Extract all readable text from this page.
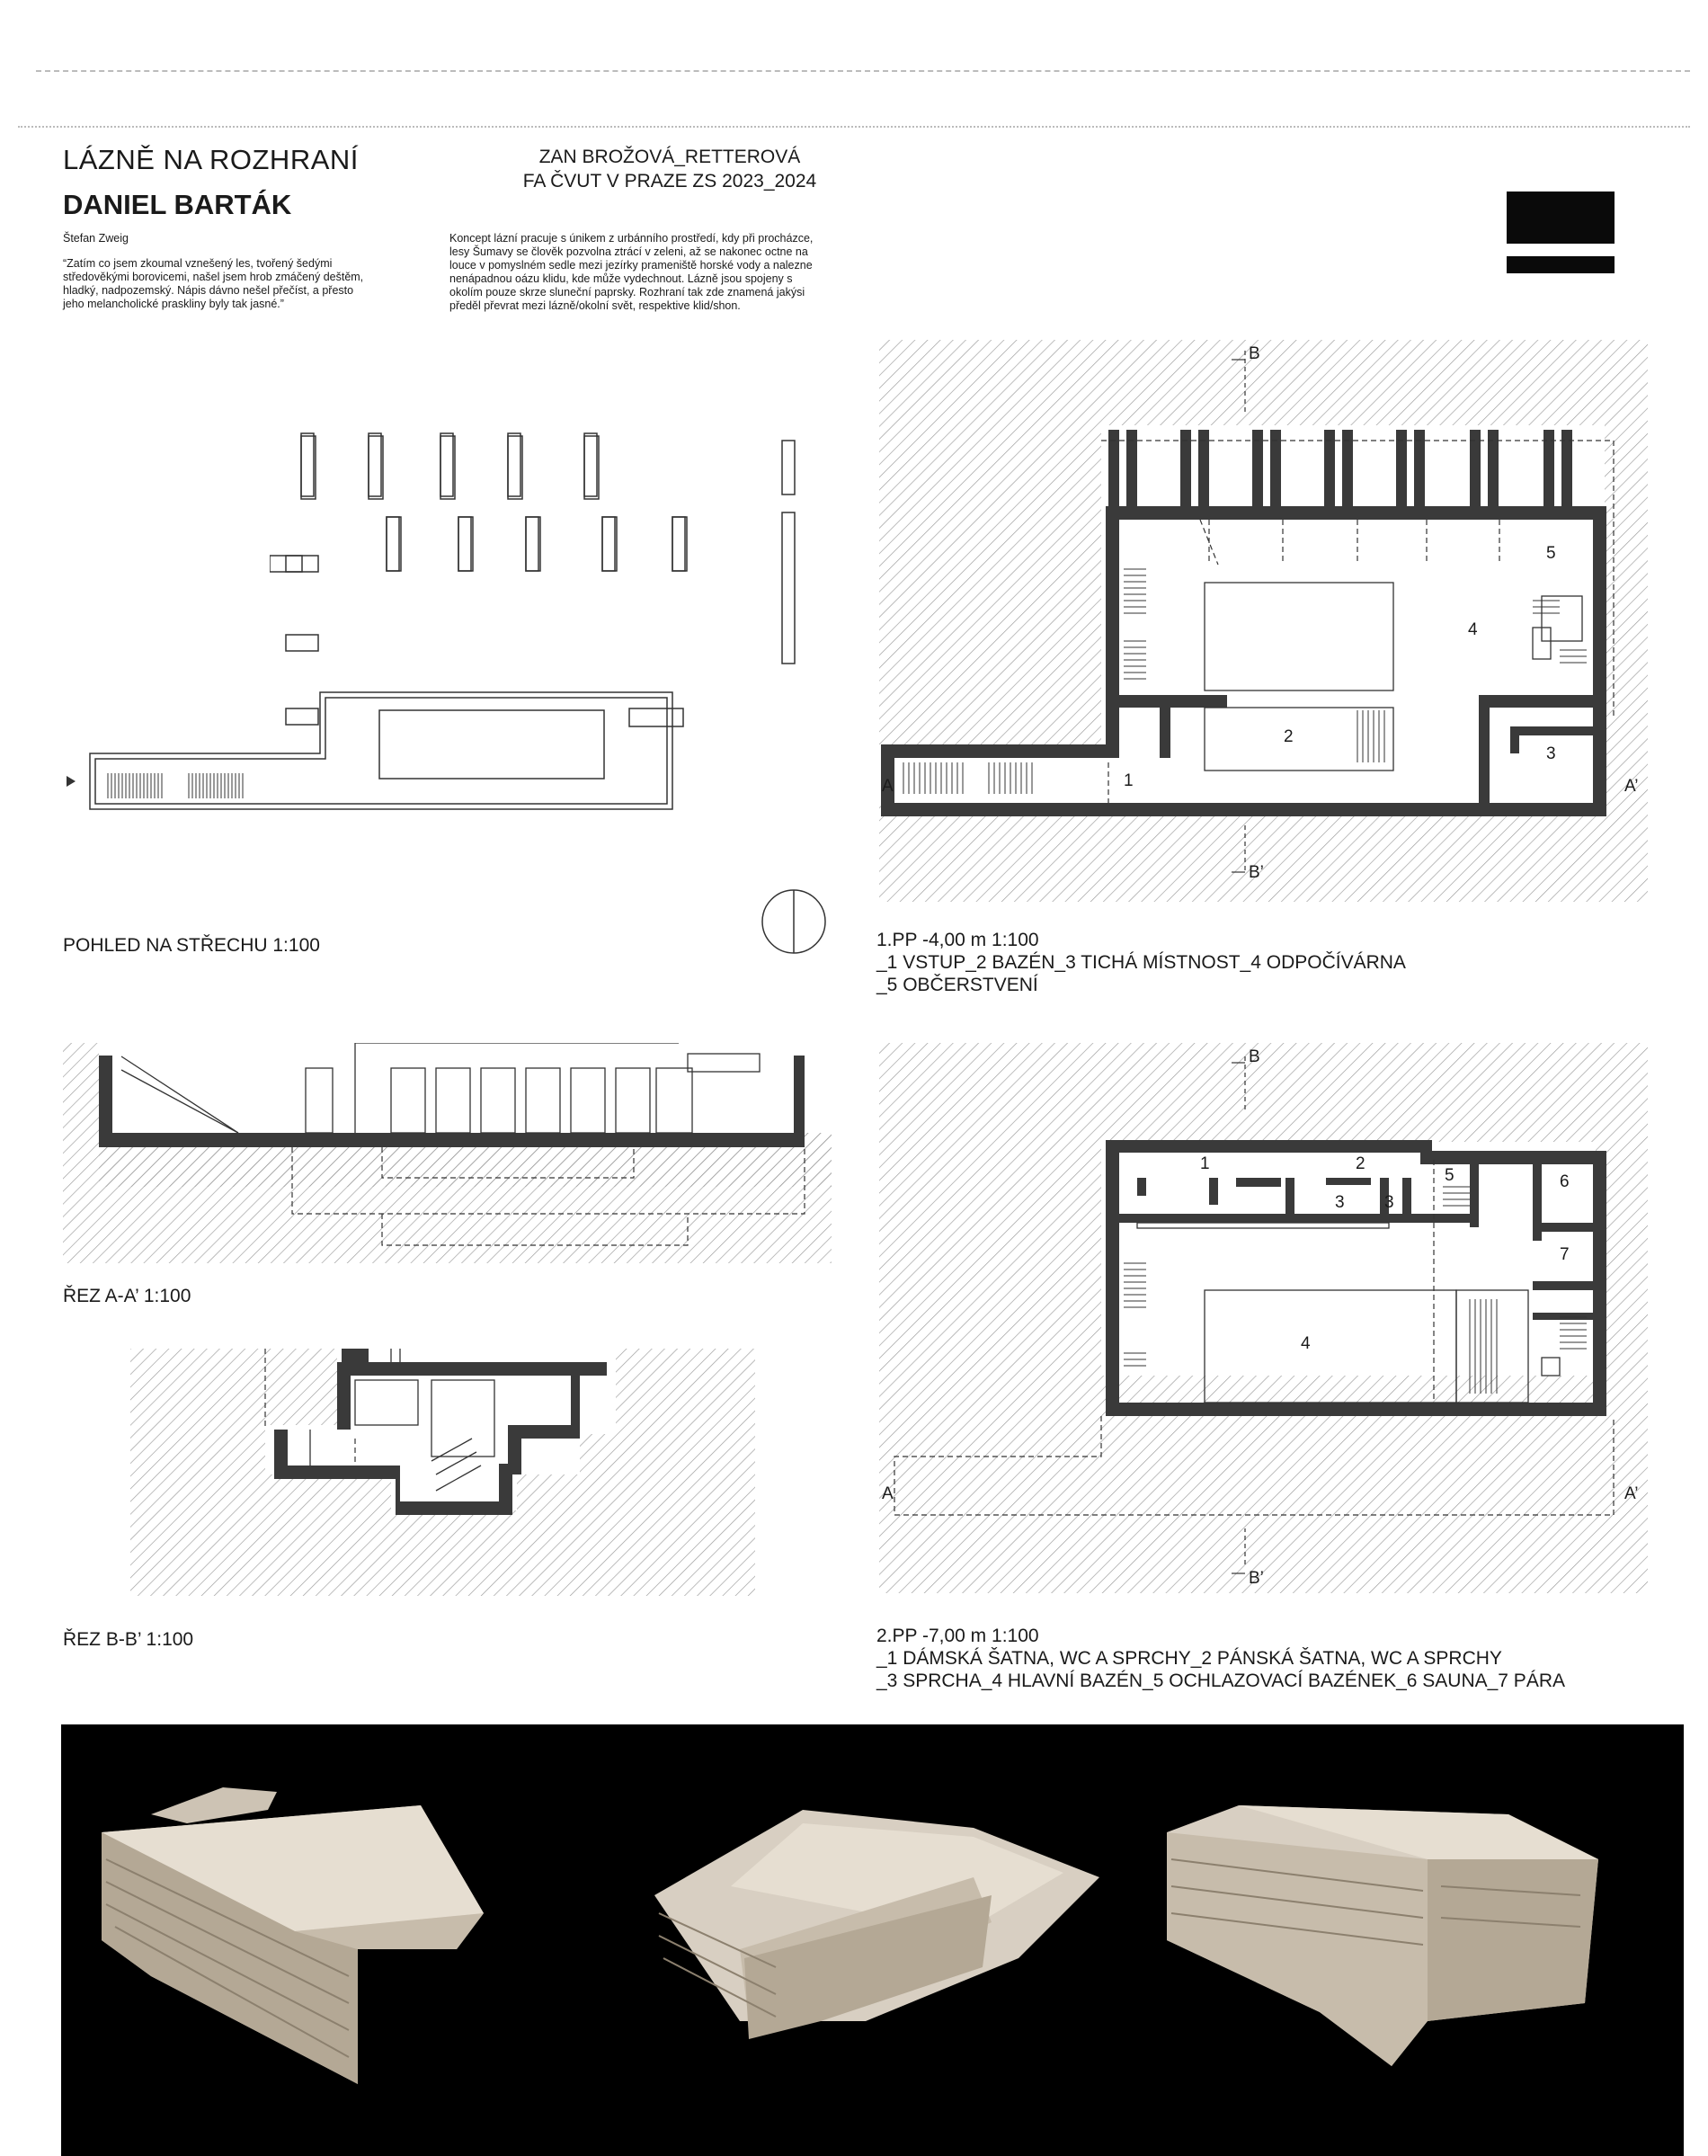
LÁZNĚ NA ROZHRANÍ
DANIEL BARTÁK
Štefan Zweig
“Zatím co jsem zkoumal vznešený les, tvořený šedými středověkými borovicemi, našel jsem hrob zmáčený deštěm, hladký, nadpozemský. Nápis dávno nešel přečíst, a přesto jeho melancholické praskliny byly tak jasné.”
ZAN BROŽOVÁ_RETTEROVÁ
FA ČVUT V PRAZE ZS 2023_2024
Koncept lázní pracuje s únikem z urbánního prostředí, kdy při procházce, lesy Šumavy se člověk pozvolna ztrácí v zeleni, až se nakonec octne na louce v pomyslném sedle mezi jezírky prameniště horské vody a nalezne nenápadnou oázu klidu, kde může vydechnout. Lázně jsou spojeny s okolím pouze skrze sluneční paprsky. Rozhraní tak zde znamená jakýsi předěl převrat mezi lázně/okolní svět, respektive klid/shon.
POHLED NA STŘECHU 1:100
B
B’
A	A’
1
2
3
4
5
1.PP -4,00 m 1:100
_1 VSTUP_2 BAZÉN_3 TICHÁ MÍSTNOST_4 ODPOČÍVÁRNA
_5 OBČERSTVENÍ
ŘEZ A-A’ 1:100
ŘEZ B-B’ 1:100
B
B’
A	A’
1	2
3 3
4
5	6
7
2.PP -7,00 m 1:100
_1 DÁMSKÁ ŠATNA, WC A SPRCHY_2 PÁNSKÁ ŠATNA, WC A SPRCHY
_3 SPRCHA_4 HLAVNÍ BAZÉN_5 OCHLAZOVACÍ BAZÉNEK_6 SAUNA_7 PÁRA
